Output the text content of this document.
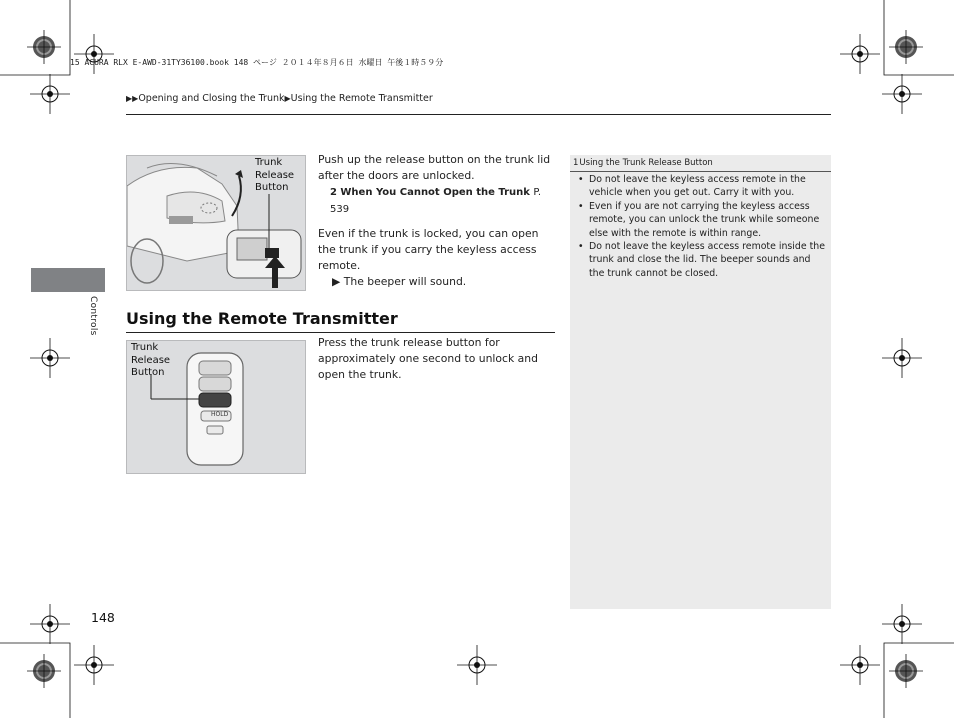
15 ACURA RLX E-AWD-31TY36100.book 148 ページ ２０１４年８月６日 水曜日 午後１時５９分
▶▶Opening and Closing the Trunk▶Using the Remote Transmitter
Controls
Trunk
Release
Button
Push up the release button on the trunk lid after the doors are unlocked.
2 When You Cannot Open the Trunk P. 539
Even if the trunk is locked, you can open the trunk if you carry the keyless access remote.
▶ The beeper will sound.
Using the Remote Transmitter
Trunk
Release
Button
HOLD
Press the trunk release button for approximately one second to unlock and open the trunk.
1Using the Trunk Release Button
• Do not leave the keyless access remote in the vehicle when you get out. Carry it with you.
• Even if you are not carrying the keyless access remote, you can unlock the trunk while someone else with the remote is within range.
• Do not leave the keyless access remote inside the trunk and close the lid. The beeper sounds and the trunk cannot be closed.
148
